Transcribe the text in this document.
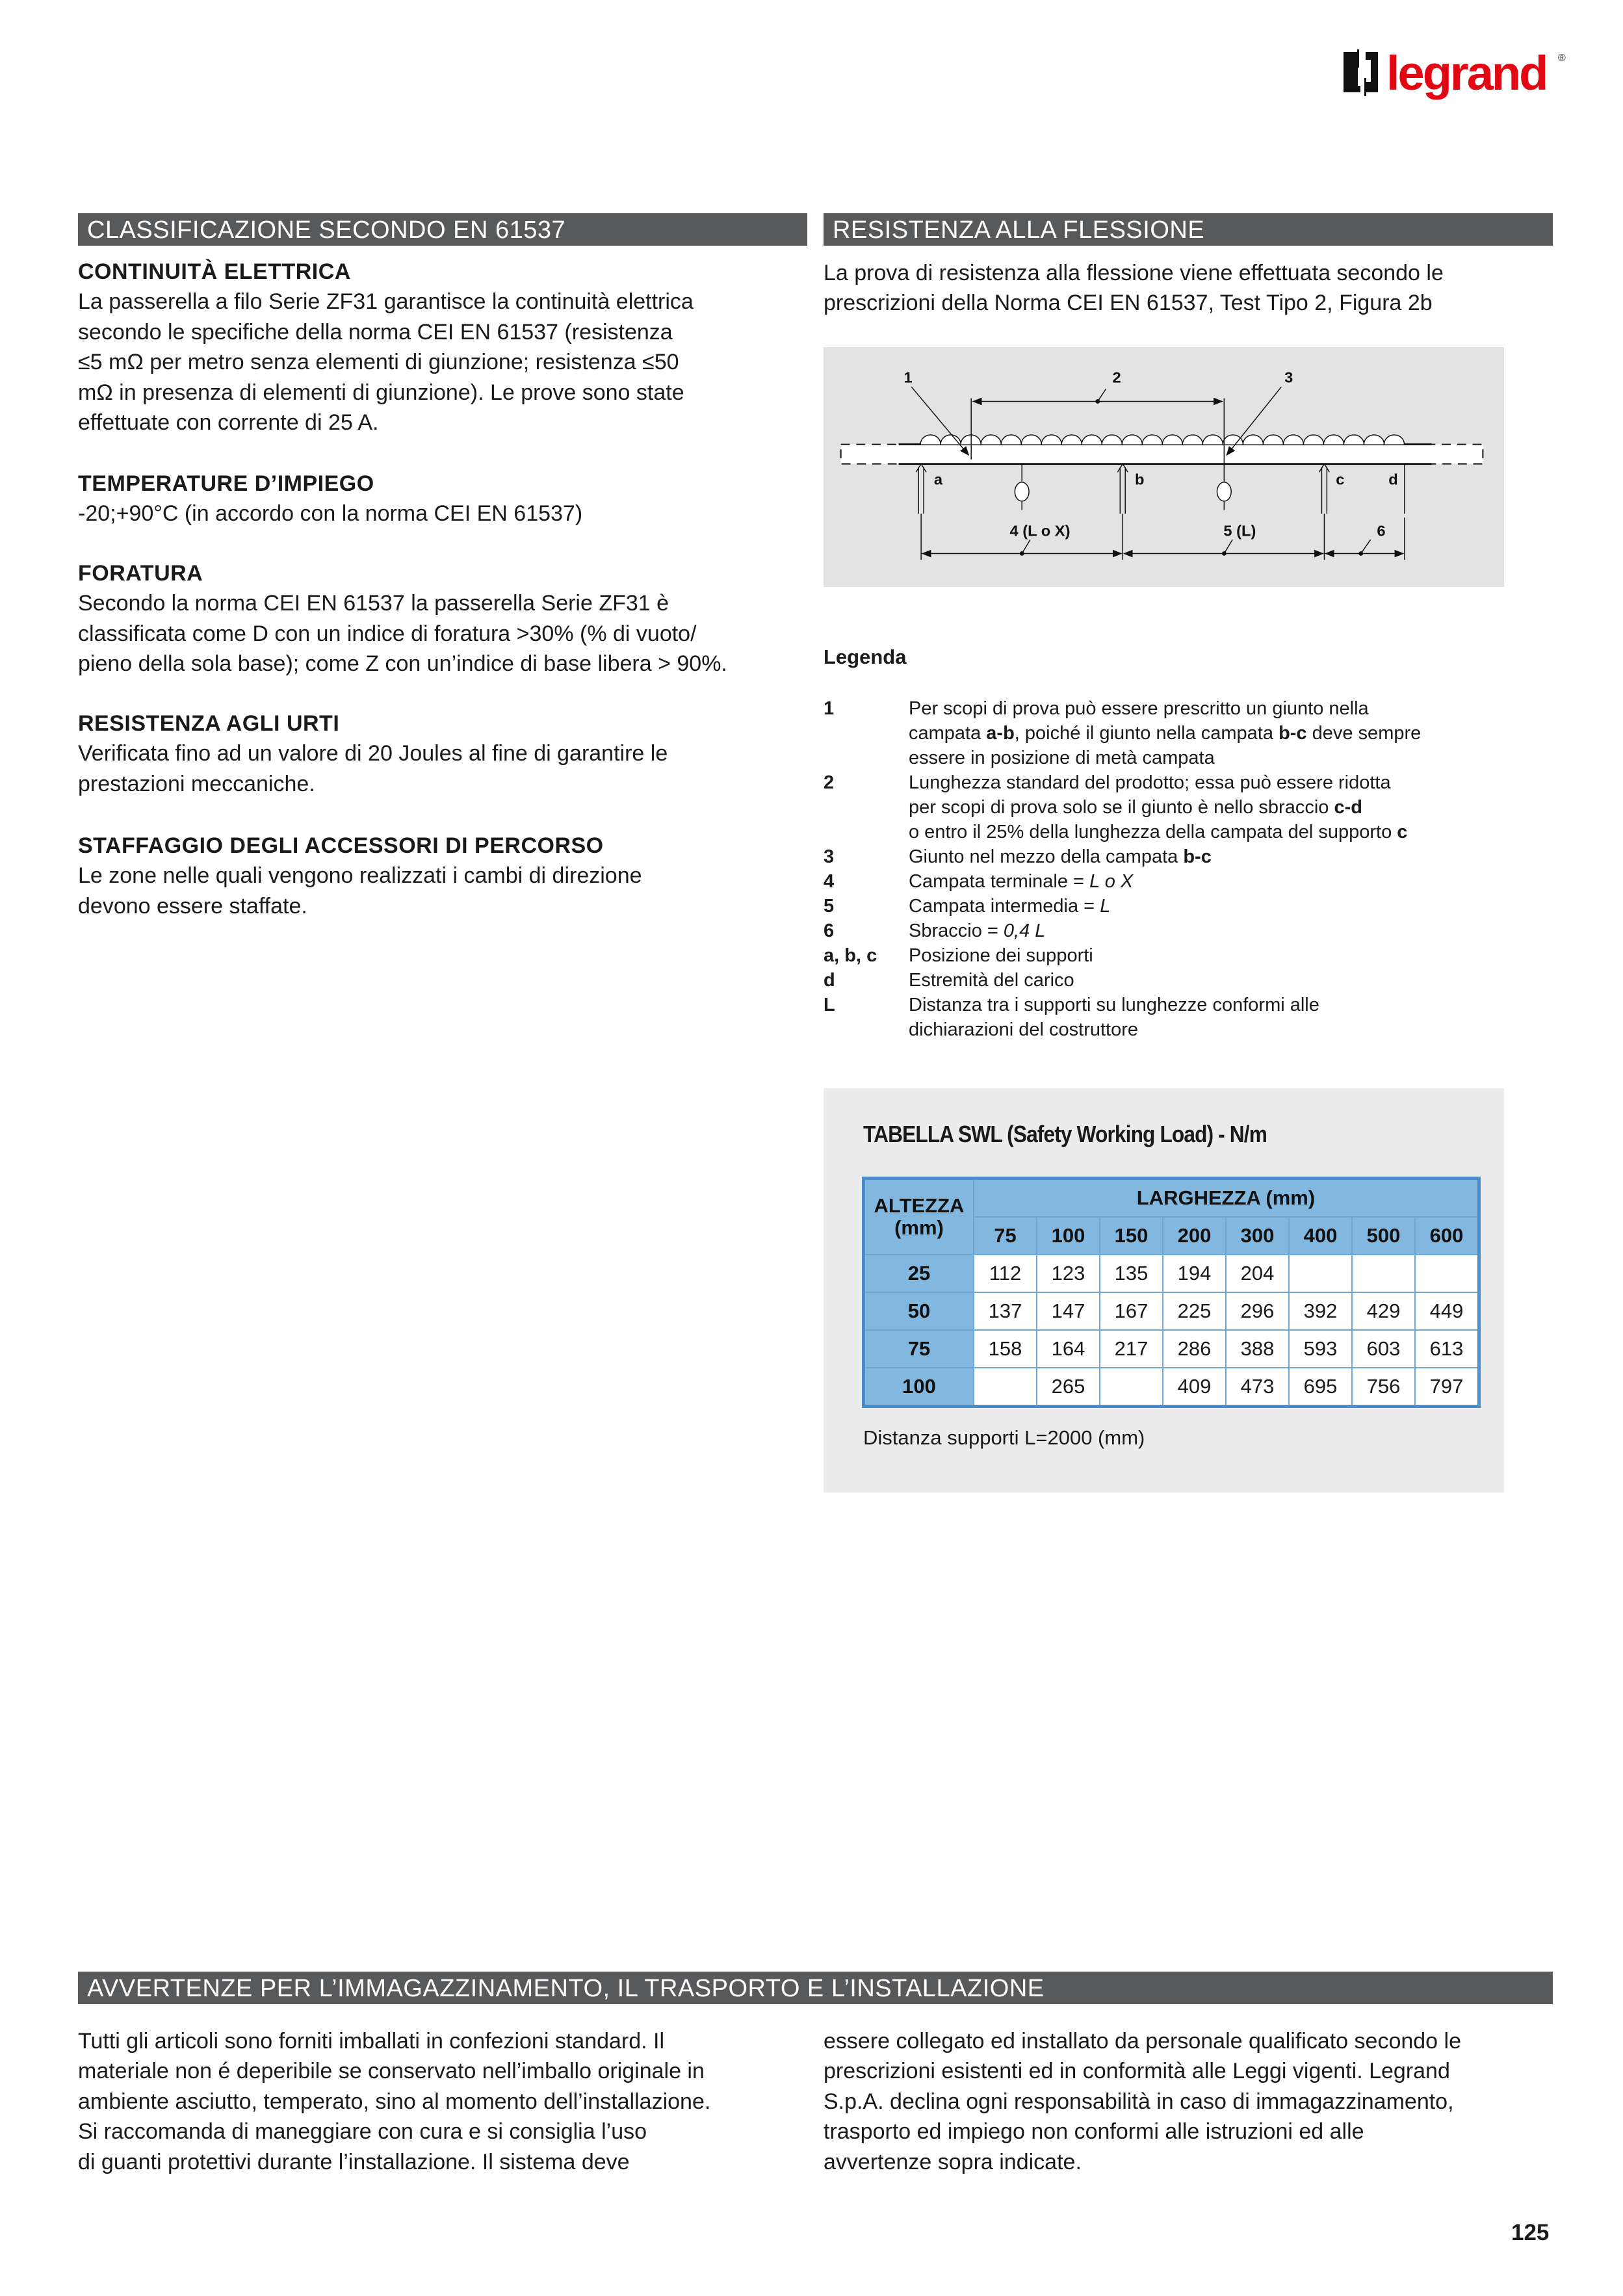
legrand ®
CLASSIFICAZIONE SECONDO EN 61537
CONTINUITÀ ELETTRICA
La passerella a filo Serie ZF31 garantisce la continuità elettrica
secondo le specifiche della norma CEI EN 61537 (resistenza
≤5 mΩ per metro senza elementi di giunzione; resistenza ≤50
mΩ in presenza di elementi di giunzione). Le prove sono state
effettuate con corrente di 25 A.
TEMPERATURE D’IMPIEGO
-20;+90°C (in accordo con la norma CEI EN 61537)
FORATURA
Secondo la norma CEI EN 61537 la passerella Serie ZF31 è
classificata come D con un indice di foratura >30% (% di vuoto/
pieno della sola base); come Z con un’indice di base libera > 90%.
RESISTENZA AGLI URTI
Verificata fino ad un valore di 20 Joules al fine di garantire le
prestazioni meccaniche.
STAFFAGGIO DEGLI ACCESSORI DI PERCORSO
Le zone nelle quali vengono realizzati i cambi di direzione
devono essere staffate.
RESISTENZA ALLA FLESSIONE
La prova di resistenza alla flessione viene effettuata secondo le
prescrizioni della Norma CEI EN 61537, Test Tipo 2, Figura 2b
1	2	3
a	b	c	d
4 (L o X)	5 (L)	6
Legenda
1	Per scopi di prova può essere prescritto un giunto nella
campata a-b, poiché il giunto nella campata b-c deve sempre
essere in posizione di metà campata
2	Lunghezza standard del prodotto; essa può essere ridotta
per scopi di prova solo se il giunto è nello sbraccio c-d
o entro il 25% della lunghezza della campata del supporto c
3	Giunto nel mezzo della campata b-c
4	Campata terminale = L o X
5	Campata intermedia = L
6	Sbraccio = 0,4 L
a, b, c Posizione dei supporti
d	Estremità del carico
L	Distanza tra i supporti su lunghezze conformi alle
dichiarazioni del costruttore
TABELLA SWL (Safety Working Load) - N/m
ALTEZZA
(mm)	LARGHEZZA (mm)							
	75	100	150	200	300	400	500	600
25	112	123	135	194	204			
50	137	147	167	225	296	392	429	449
75	158	164	217	286	388	593	603	613
100		265		409	473	695	756	797
Distanza supporti L=2000 (mm)
AVVERTENZE PER L’IMMAGAZZINAMENTO, IL TRASPORTO E L’INSTALLAZIONE
Tutti gli articoli sono forniti imballati in confezioni standard. Il
materiale non é deperibile se conservato nell’imballo originale in
ambiente asciutto, temperato, sino al momento dell’installazione.
Si raccomanda di maneggiare con cura e si consiglia l’uso
di guanti protettivi durante l’installazione. Il sistema deve
essere collegato ed installato da personale qualificato secondo le
prescrizioni esistenti ed in conformità alle Leggi vigenti. Legrand
S.p.A. declina ogni responsabilità in caso di immagazzinamento,
trasporto ed impiego non conformi alle istruzioni ed alle
avvertenze sopra indicate.
125
